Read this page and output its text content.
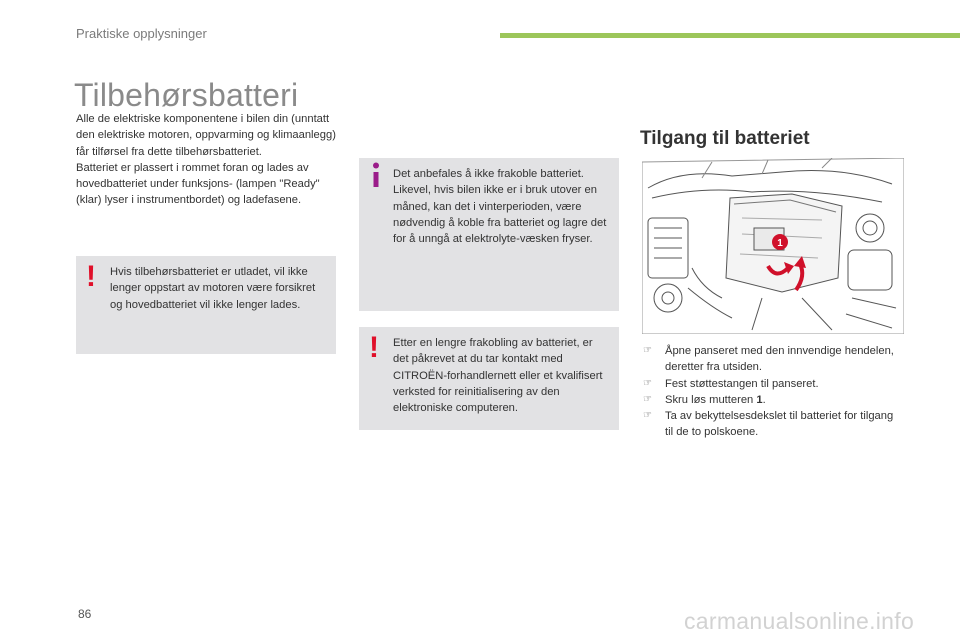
Praktiske opplysninger
Tilbehørsbatteri

Alle de elektriske komponentene i bilen din (unntatt den elektriske motoren, oppvarming og klimaanlegg) får tilførsel fra dette tilbehørsbatteriet.

Batteriet er plassert i rommet foran og lades av hovedbatteriet under funksjons- (lampen "Ready" (klar) lyser i instrumentbordet) og ladefasene.

! Hvis tilbehørsbatteriet er utladet, vil ikke lenger oppstart av motoren være forsikret og hovedbatteriet vil ikke lenger lades.

Det anbefales å ikke frakoble batteriet. Likevel, hvis bilen ikke er i bruk utover en måned, kan det i vinterperioden, være nødvendig å koble fra batteriet og lagre det for å unngå at elektrolyte-væsken fryser.

! Etter en lengre frakobling av batteriet, er det påkrevet at du tar kontakt med CITROËN-forhandlernett eller et kvalifisert verksted for reinitialisering av den elektroniske computeren.

Tilgang til batteriet
1
☞ Åpne panseret med den innvendige hendelen, deretter fra utsiden.
☞ Fest støttestangen til panseret.
☞ Skru løs mutteren 1.
☞ Ta av bekyttelsesdekslet til batteriet for tilgang til de to polskoene.
86	carmanualsonline.info
